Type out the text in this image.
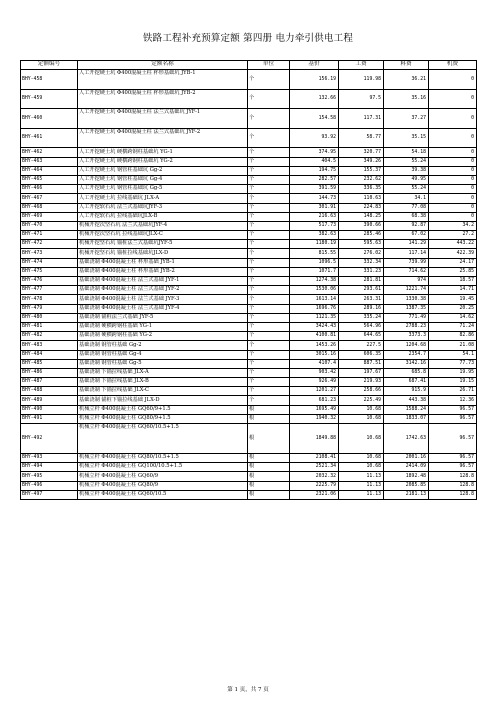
铁路工程补充预算定额 第四册 电力牵引供电工程
定额编号	定额名称	单位	基价	工费	料费	机费
BHY-458	人工开挖硬土坑 Φ400混凝土柱 杯形基础坑 JYB-1	个	156.19	119.98	36.21	0
BHY-459	人工开挖硬土坑 Φ400混凝土柱 杯形基础坑 JYB-2	个	132.66	97.5	35.16	0
BHY-460	人工开挖硬土坑 Φ400混凝土柱 法兰式基础坑 JYF-1	个	154.58	117.31	37.27	0
BHY-461	人工开挖硬土坑 Φ400混凝土柱 法兰式基础坑 JYF-2	个	93.92	58.77	35.15	0
BHY-462	人工开挖硬土坑 硬横跨钢柱基础坑 YG-1	个	374.95	320.77	54.18	0
BHY-463	人工开挖硬土坑 硬横跨钢柱基础坑 YG-2	个	404.5	349.26	55.24	0
BHY-464	人工开挖硬土坑 钢管柱基础坑 Gg-2	个	194.75	155.37	39.38	0
BHY-465	人工开挖硬土坑 钢管柱基础坑 Gg-4	个	282.57	232.62	49.95	0
BHY-466	人工开挖硬土坑 钢管柱基础坑 Gg-5	个	391.59	336.35	55.24	0
BHY-467	人工开挖硬土坑 拉线基础坑 JLX-A	个	144.73	110.63	34.1	0
BHY-468	人工开挖软石坑 法兰式基础坑JYF-3	个	301.91	224.83	77.08	0
BHY-469	人工开挖软石坑 拉线基础坑JLX-B	个	216.63	148.25	68.38	0
BHY-470	机械开挖次坚石坑 法兰式基础坑JYF-4	个	517.73	390.66	92.87	34.2
BHY-471	机械开挖次坚石坑 拉线基础坑JLX-C	个	382.63	285.46	67.02	27.2
BHY-472	机械开挖坚石坑 锚桩法兰式基础坑JYF-5	个	1180.19	595.63	141.29	443.22
BHY-473	机械开挖坚石坑 锚桩拉线基础坑JLX-D	个	815.55	276.02	117.14	422.39
BHY-474	基础浇制 Φ400混凝土柱 杯形基础 JYB-1	个	1096.5	332.34	739.99	24.17
BHY-475	基础浇制 Φ400混凝土柱 杯形基础 JYB-2	个	1071.7	331.23	714.62	25.85
BHY-476	基础浇制 Φ400混凝土柱 法兰式基础 JYF-1	个	1274.38	281.81	974	18.57
BHY-477	基础浇制 Φ400混凝土柱 法兰式基础 JYF-2	个	1530.06	293.61	1221.74	14.71
BHY-478	基础浇制 Φ400混凝土柱 法兰式基础 JYF-3	个	1613.14	263.31	1330.38	19.45
BHY-479	基础浇制 Φ400混凝土柱 法兰式基础 JYF-4	个	1696.76	289.16	1387.35	20.25
BHY-480	基础浇制 锚桩法兰式基础 JYF-5	个	1121.35	335.24	771.49	14.62
BHY-481	基础浇制 硬横跨钢柱基础 YG-1	个	3424.43	564.96	2788.23	71.24
BHY-482	基础浇制 硬横跨钢柱基础 YG-2	个	4100.81	644.65	3373.3	82.86
BHY-483	基础浇制 钢管柱基础 Gg-2	个	1453.26	227.5	1204.68	21.08
BHY-484	基础浇制 钢管柱基础 Gg-4	个	3015.16	606.35	2354.7	54.1
BHY-485	基础浇制 钢管柱基础 Gg-5	个	4107.4	887.51	3142.16	77.73
BHY-486	基础浇制 下锚拉线基础 JLX-A	个	903.42	197.67	685.8	19.95
BHY-487	基础浇制 下锚拉线基础 JLX-B	个	926.49	219.93	687.41	19.15
BHY-488	基础浇制 下锚拉线基础 JLX-C	个	1201.27	258.66	915.9	26.71
BHY-489	基础浇制 锚桩下锚拉线基础 JLX-D	个	681.23	225.49	443.38	12.36
BHY-490	机械立杆 Φ400混凝土柱 GQ60/9+1.5	根	1695.49	10.68	1588.24	96.57
BHY-491	机械立杆 Φ400混凝土柱 GQ80/9+1.5	根	1940.32	10.68	1833.07	96.57
BHY-492	机械立杆 Φ400混凝土柱 GQ60/10.5+1.5	根	1849.88	10.68	1742.63	96.57
BHY-493	机械立杆 Φ400混凝土柱 GQ80/10.5+1.5	根	2108.41	10.68	2001.16	96.57
BHY-494	机械立杆 Φ400混凝土柱 GQ100/10.5+1.5	根	2521.34	10.68	2414.09	96.57
BHY-495	机械立杆 Φ400混凝土柱 GQ60/9	根	2032.32	11.13	1892.48	128.8
BHY-496	机械立杆 Φ400混凝土柱 GQ80/9	根	2225.79	11.13	2085.85	128.8
BHY-497	机械立杆 Φ400混凝土柱 GQ60/10.5	根	2321.06	11.13	2181.13	128.8
第 1 页，共 7 页
